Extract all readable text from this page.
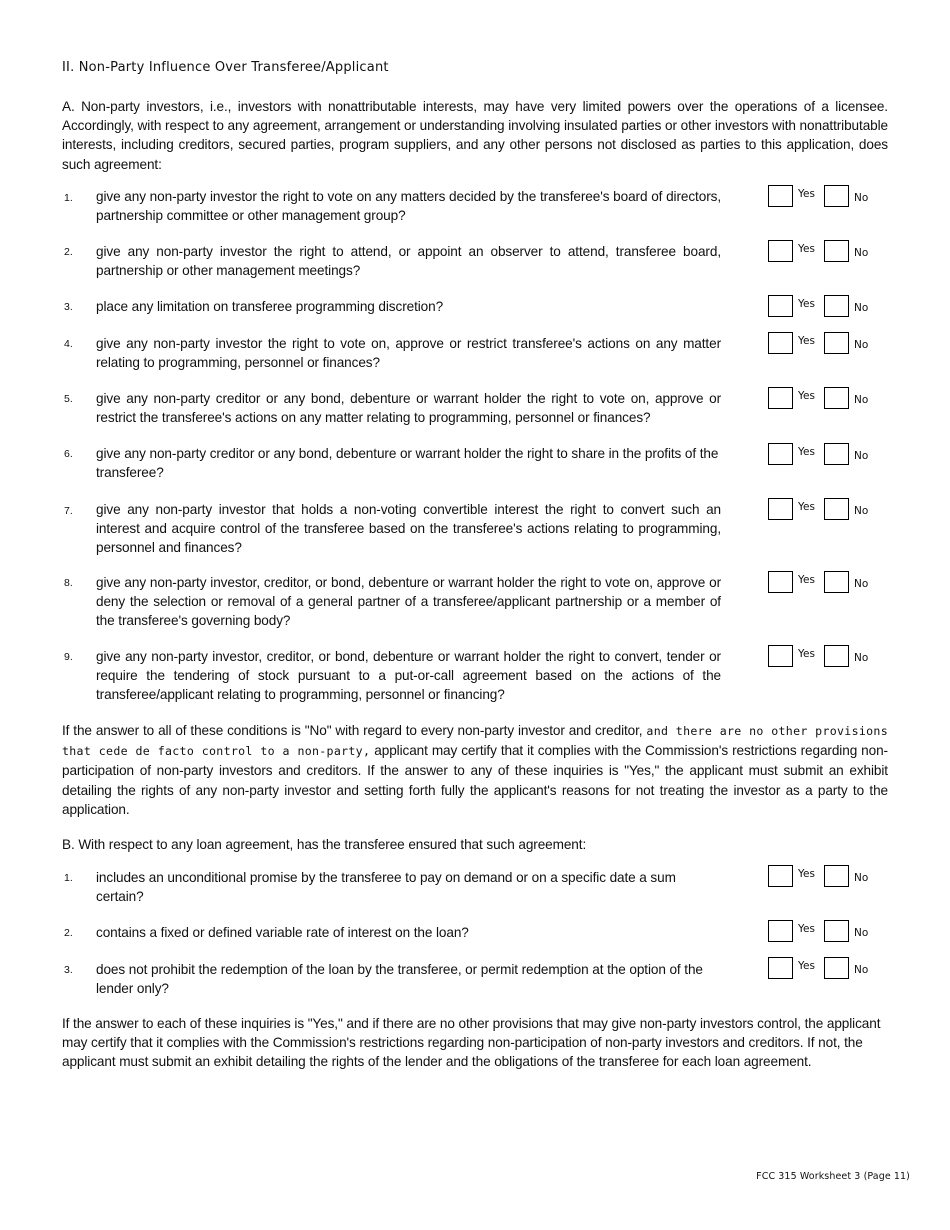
II. Non-Party Influence Over Transferee/Applicant
A. Non-party investors, i.e., investors with nonattributable interests, may have very limited powers over the operations of a licensee. Accordingly, with respect to any agreement, arrangement or understanding involving insulated parties or other investors with nonattributable interests, including creditors, secured parties, program suppliers, and any other persons not disclosed as parties to this application, does such agreement:
1. give any non-party investor the right to vote on any matters decided by the transferee's board of directors, partnership committee or other management group?
Yes	No
2. give any non-party investor the right to attend, or appoint an observer to attend, transferee board, partnership or other management meetings?
Yes	No
3. place any limitation on transferee programming discretion?	Yes	No
4. give any non-party investor the right to vote on, approve or restrict transferee's actions on any matter relating to programming, personnel or finances?
Yes	No
5. give any non-party creditor or any bond, debenture or warrant holder the right to vote on, approve or restrict the transferee's actions on any matter relating to programming, personnel or finances?
Yes	No
6. give any non-party creditor or any bond, debenture or warrant holder the right to share in the profits of the transferee?
Yes	No
7. give any non-party investor that holds a non-voting convertible interest the right to convert such an interest and acquire control of the transferee based on the transferee's actions relating to programming, personnel and finances?
Yes	No
8. give any non-party investor, creditor, or bond, debenture or warrant holder the right to vote on, approve or deny the selection or removal of a general partner of a transferee/applicant partnership or a member of the transferee's governing body?
Yes	No
9. give any non-party investor, creditor, or bond, debenture or warrant holder the right to convert, tender or require the tendering of stock pursuant to a put-or-call agreement based on the actions of the transferee/applicant relating to programming, personnel or financing?
Yes	No
If the answer to all of these conditions is "No" with regard to every non-party investor and creditor, and there are no other provisions that cede de facto control to a non-party, applicant may certify that it complies with the Commission's restrictions regarding non-participation of non-party investors and creditors. If the answer to any of these inquiries is "Yes," the applicant must submit an exhibit detailing the rights of any non-party investor and setting forth fully the applicant's reasons for not treating the investor as a party to the application.
B. With respect to any loan agreement, has the transferee ensured that such agreement:
1. includes an unconditional promise by the transferee to pay on demand or on a specific date a sum certain?
Yes	No
2. contains a fixed or defined variable rate of interest on the loan?	Yes	No
3. does not prohibit the redemption of the loan by the transferee, or permit redemption at the option of the lender only?
Yes	No
If the answer to each of these inquiries is "Yes," and if there are no other provisions that may give non-party investors control, the applicant may certify that it complies with the Commission's restrictions regarding non-participation of non-party investors and creditors. If not, the applicant must submit an exhibit detailing the rights of the lender and the obligations of the transferee for each loan agreement.
FCC 315 Worksheet 3 (Page 11)
